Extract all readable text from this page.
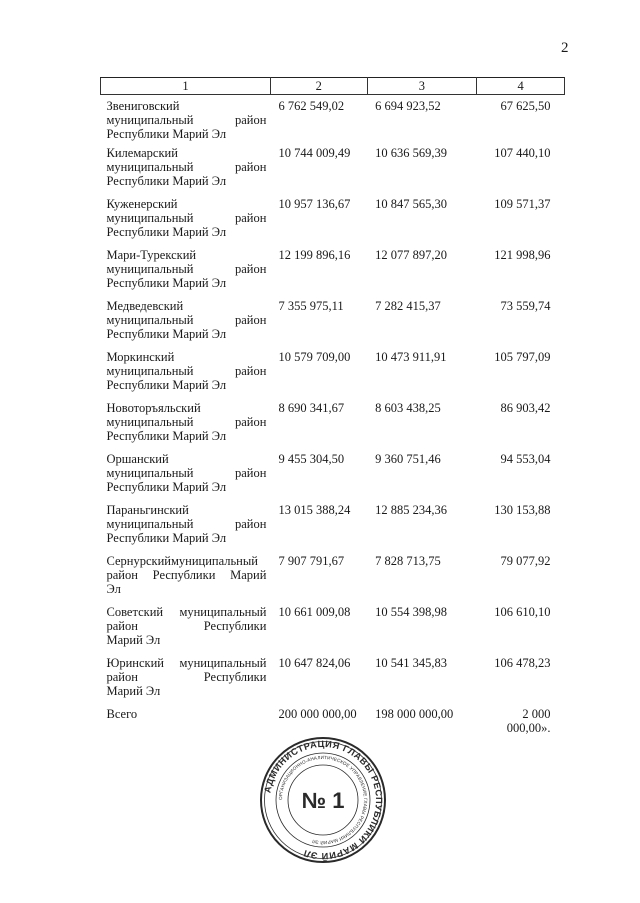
2
1	2	3	4

Звениговский
муниципальный район
Республики Марий Эл	6 762 549,02	6 694 923,52	67 625,50

Килемарский
муниципальный район
Республики Марий Эл	10 744 009,49	10 636 569,39	107 440,10

Куженерский
муниципальный район
Республики Марий Эл	10 957 136,67	10 847 565,30	109 571,37

Мари-Турекский
муниципальный район
Республики Марий Эл	12 199 896,16	12 077 897,20	121 998,96

Медведевский
муниципальный район
Республики Марий Эл	7 355 975,11	7 282 415,37	73 559,74

Моркинский
муниципальный район
Республики Марий Эл	10 579 709,00	10 473 911,91	105 797,09

Новоторъяльский
муниципальный район
Республики Марий Эл	8 690 341,67	8 603 438,25	86 903,42

Оршанский
муниципальный район
Республики Марий Эл	9 455 304,50	9 360 751,46	94 553,04

Параньгинский
муниципальный район
Республики Марий Эл	13 015 388,24	12 885 234,36	130 153,88

Сернурскиймуниципальный
район Республики Марий
Эл	7 907 791,67	7 828 713,75	79 077,92

Советский муниципальный
район Республики
Марий Эл	10 661 009,08	10 554 398,98	106 610,10

Юринский муниципальный
район Республики
Марий Эл	10 647 824,06	10 541 345,83	106 478,23
Всего	200 000 000,00	198 000 000,00	2 000 000,00».
АДМИНИСТРАЦИЯ ГЛАВЫ РЕСПУБЛИКИ МАРИЙ ЭЛ
ОРГАНИЗАЦИОННО-АНАЛИТИЧЕСКОЕ УПРАВЛЕНИЕ ГЛАВЫ РЕСПУБЛИКИ МАРИЙ ЭЛ
№ 1
